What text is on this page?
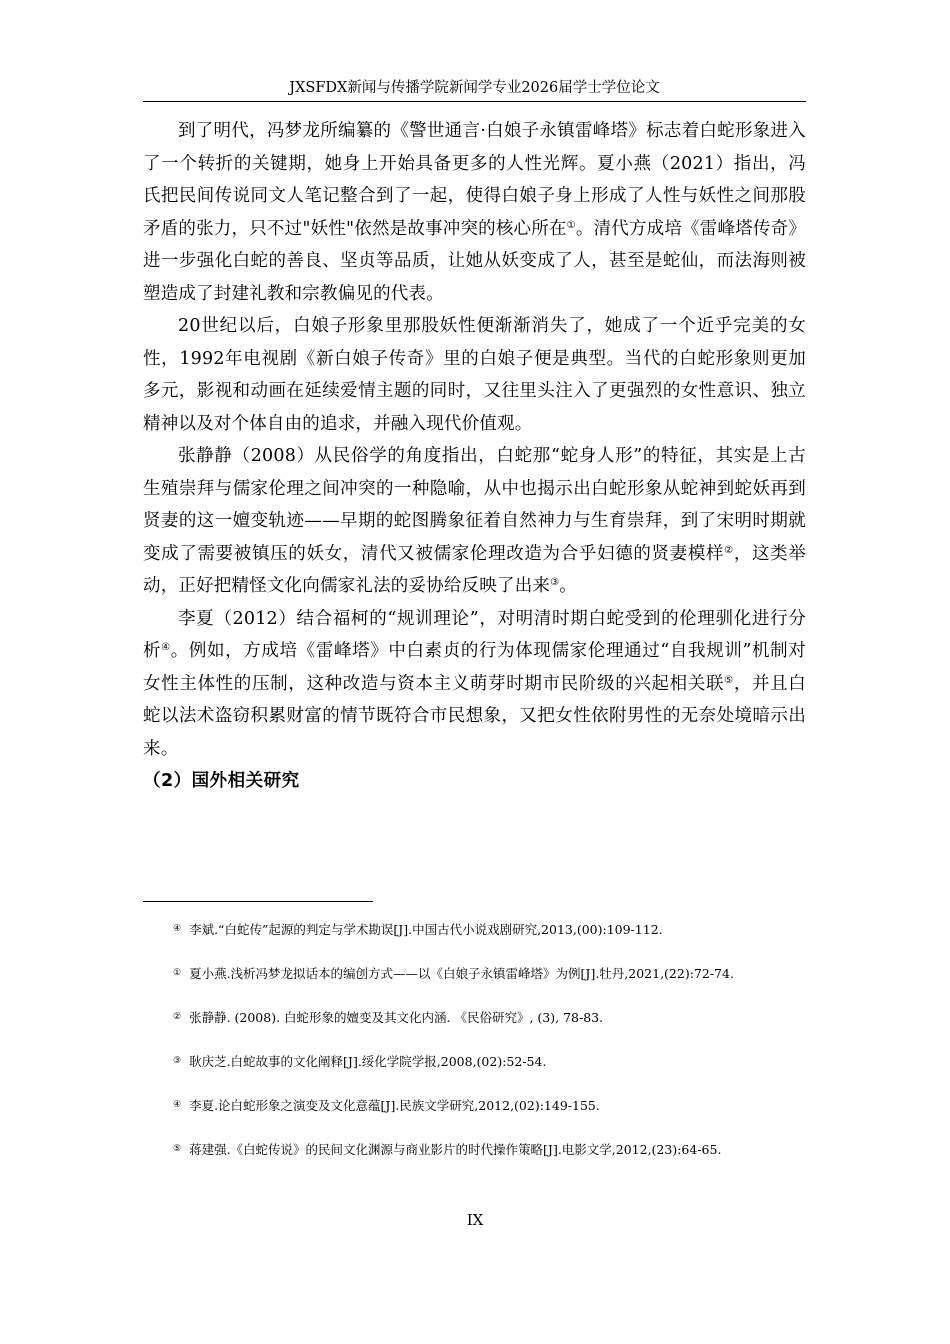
JXSFDX新闻与传播学院新闻学专业2026届学士学位论文

到了明代，冯梦龙所编纂的《警世通言·白娘子永镇雷峰塔》标志着白蛇形象进入了一个转折的关键期，她身上开始具备更多的人性光辉。夏小燕（2021）指出，冯氏把民间传说同文人笔记整合到了一起，使得白娘子身上形成了人性与妖性之间那股矛盾的张力，只不过"妖性"依然是故事冲突的核心所在①。清代方成培《雷峰塔传奇》进一步强化白蛇的善良、坚贞等品质，让她从妖变成了人，甚至是蛇仙，而法海则被塑造成了封建礼教和宗教偏见的代表。

20世纪以后，白娘子形象里那股妖性便渐渐消失了，她成了一个近乎完美的女性，1992年电视剧《新白娘子传奇》里的白娘子便是典型。当代的白蛇形象则更加多元，影视和动画在延续爱情主题的同时，又往里头注入了更强烈的女性意识、独立精神以及对个体自由的追求，并融入现代价值观。

张静静（2008）从民俗学的角度指出，白蛇那“蛇身人形”的特征，其实是上古生殖崇拜与儒家伦理之间冲突的一种隐喻，从中也揭示出白蛇形象从蛇神到蛇妖再到贤妻的这一嬗变轨迹——早期的蛇图腾象征着自然神力与生育崇拜，到了宋明时期就变成了需要被镇压的妖女，清代又被儒家伦理改造为合乎妇德的贤妻模样②，这类举动，正好把精怪文化向儒家礼法的妥协给反映了出来③。

李夏（2012）结合福柯的“规训理论”，对明清时期白蛇受到的伦理驯化进行分析④。例如，方成培《雷峰塔》中白素贞的行为体现儒家伦理通过“自我规训”机制对女性主体性的压制，这种改造与资本主义萌芽时期市民阶级的兴起相关联⑤，并且白蛇以法术盗窃积累财富的情节既符合市民想象，又把女性依附男性的无奈处境暗示出来。

（2）国外相关研究

④ 李斌.“白蛇传”起源的判定与学术勘误[J].中国古代小说戏剧研究,2013,(00):109-112.

① 夏小燕.浅析冯梦龙拟话本的编创方式——以《白娘子永镇雷峰塔》为例[J].牡丹,2021,(22):72-74.

② 张静静. (2008). 白蛇形象的嬗变及其文化内涵. 《民俗研究》, (3), 78-83.

③ 耿庆芝.白蛇故事的文化阐释[J].绥化学院学报,2008,(02):52-54.

④ 李夏.论白蛇形象之演变及文化意蕴[J].民族文学研究,2012,(02):149-155.

⑤ 蒋建强.《白蛇传说》的民间文化渊源与商业影片的时代操作策略[J].电影文学,2012,(23):64-65.

IX
